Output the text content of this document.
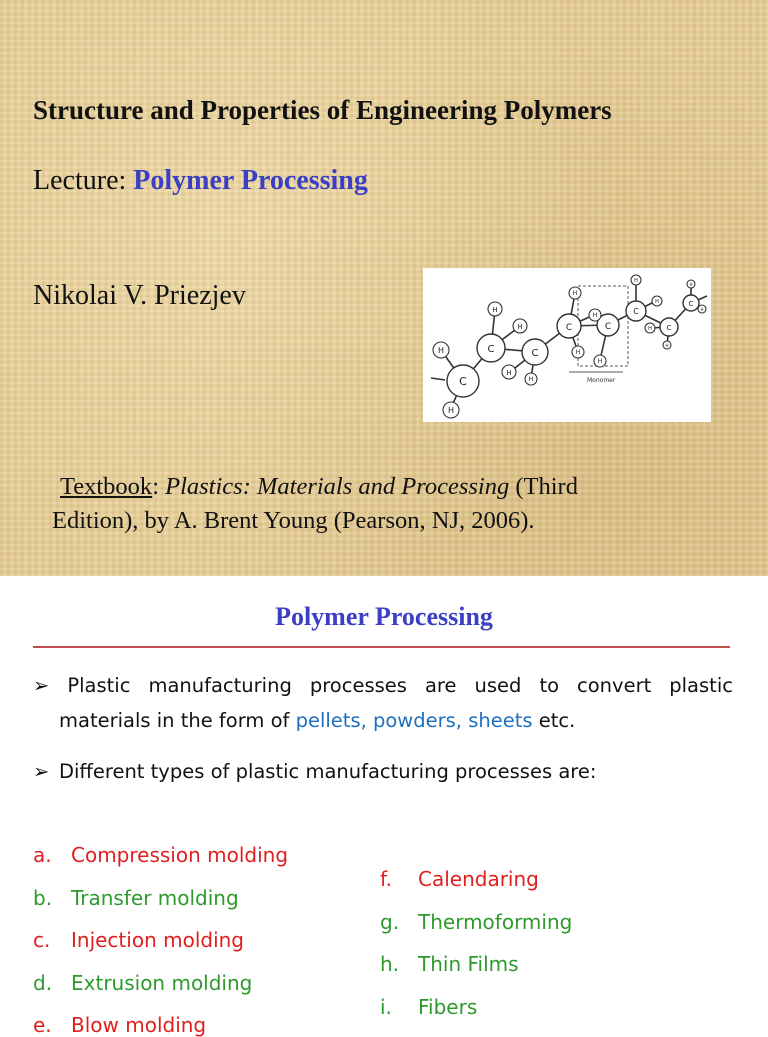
Structure and Properties of Engineering Polymers
Lecture: Polymer Processing
Nikolai V. Priezjev
Monomer
C
C	C
C	C
C
C
C
H
H
H
H
H
H
H
H
H
H
H
H
H
H
H
H
Textbook: Plastics: Materials and Processing (Third
Edition), by A. Brent Young (Pearson, NJ, 2006).
Polymer Processing
➢ Plastic manufacturing processes are used to convert plastic
materials in the form of pellets, powders, sheets etc.
➢ Different types of plastic manufacturing processes are:
a. Compression molding
b. Transfer molding
c. Injection molding
d. Extrusion molding
e. Blow molding
f. Calendaring
g. Thermoforming
h. Thin Films
i. Fibers
